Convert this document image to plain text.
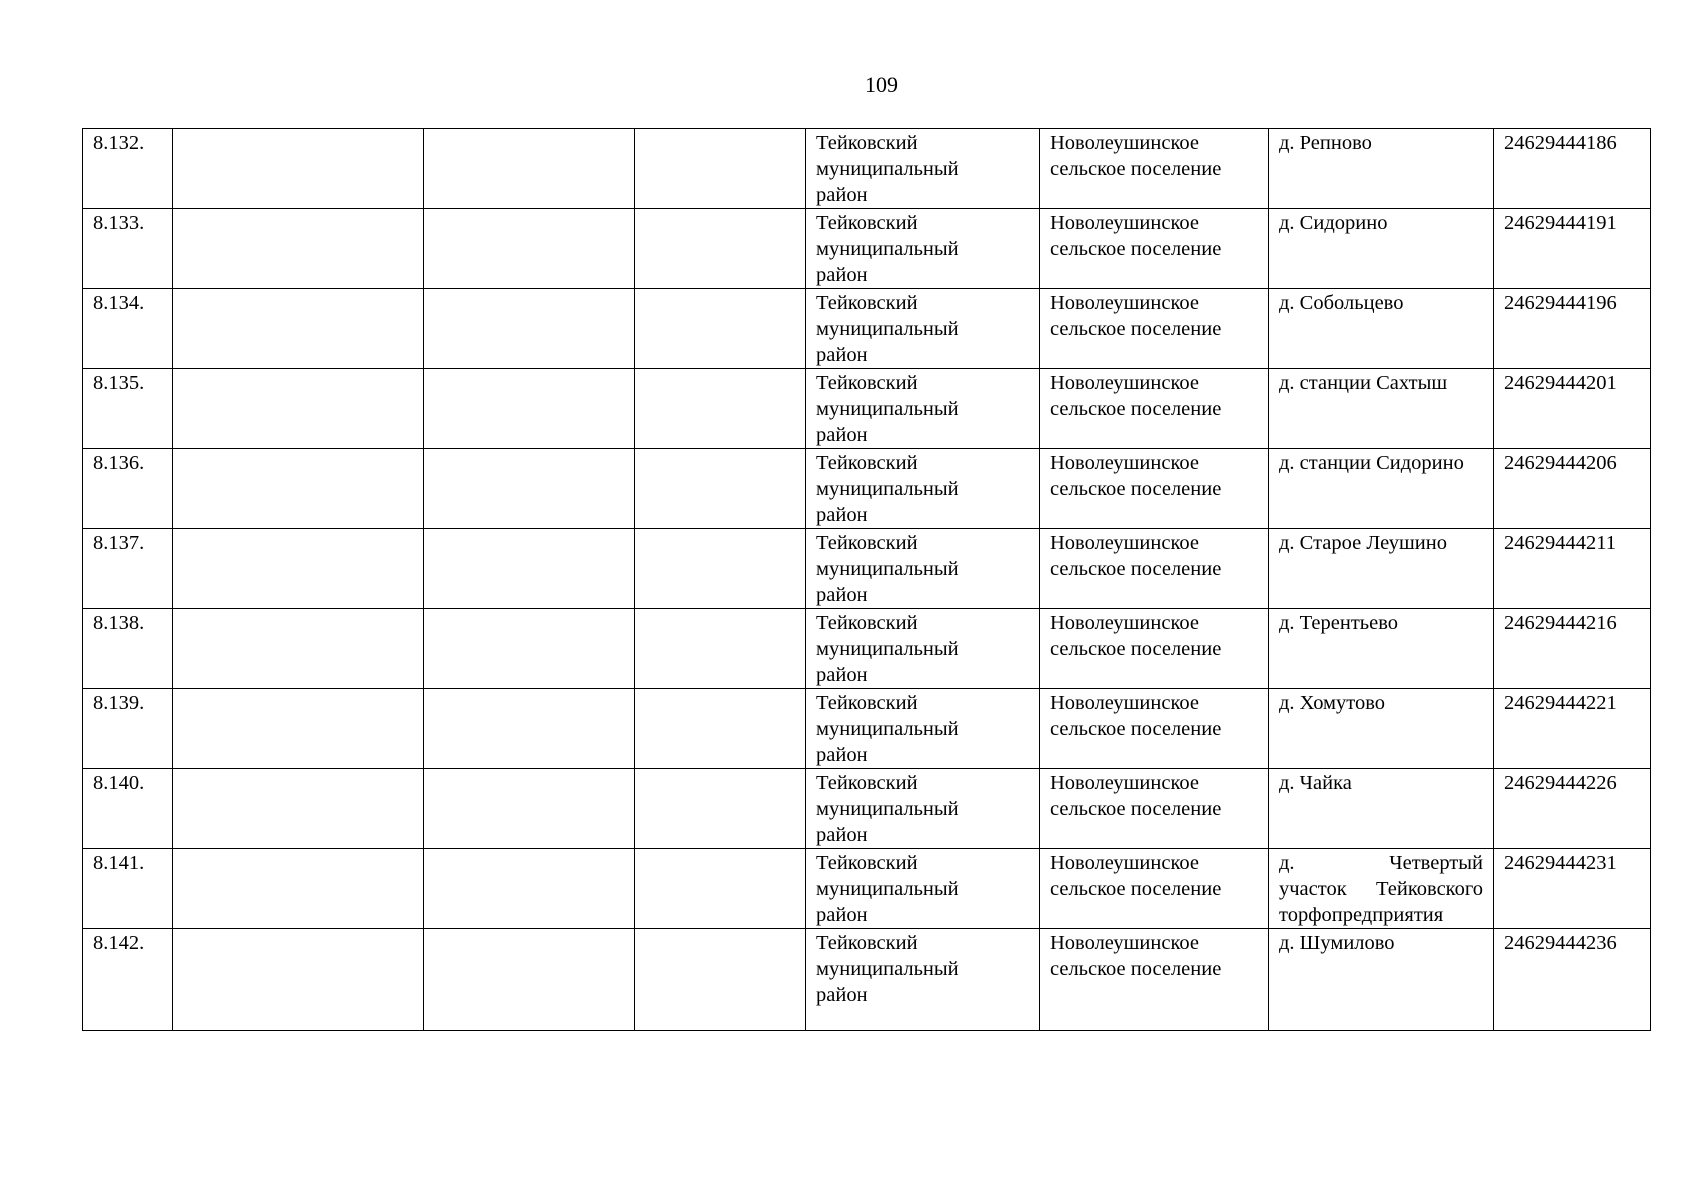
109
8.132.				Тейковский
муниципальный
район	Новолеушинское
сельское поселение	д. Репново	24629444186
8.133.				Тейковский
муниципальный
район	Новолеушинское
сельское поселение	д. Сидорино	24629444191
8.134.				Тейковский
муниципальный
район	Новолеушинское
сельское поселение	д. Собольцево	24629444196
8.135.				Тейковский
муниципальный
район	Новолеушинское
сельское поселение	д. станции Сахтыш	24629444201
8.136.				Тейковский
муниципальный
район	Новолеушинское
сельское поселение	д. станции Сидорино	24629444206
8.137.				Тейковский
муниципальный
район	Новолеушинское
сельское поселение	д. Старое Леушино	24629444211
8.138.				Тейковский
муниципальный
район	Новолеушинское
сельское поселение	д. Терентьево	24629444216
8.139.				Тейковский
муниципальный
район	Новолеушинское
сельское поселение	д. Хомутово	24629444221
8.140.				Тейковский
муниципальный
район	Новолеушинское
сельское поселение	д. Чайка	24629444226
8.141.				Тейковский
муниципальный
район	Новолеушинское
сельское поселение	д. Четвертый
участок Тейковского
торфопредприятия	24629444231
8.142.				Тейковский
муниципальный
район	Новолеушинское
сельское поселение	д. Шумилово	24629444236
